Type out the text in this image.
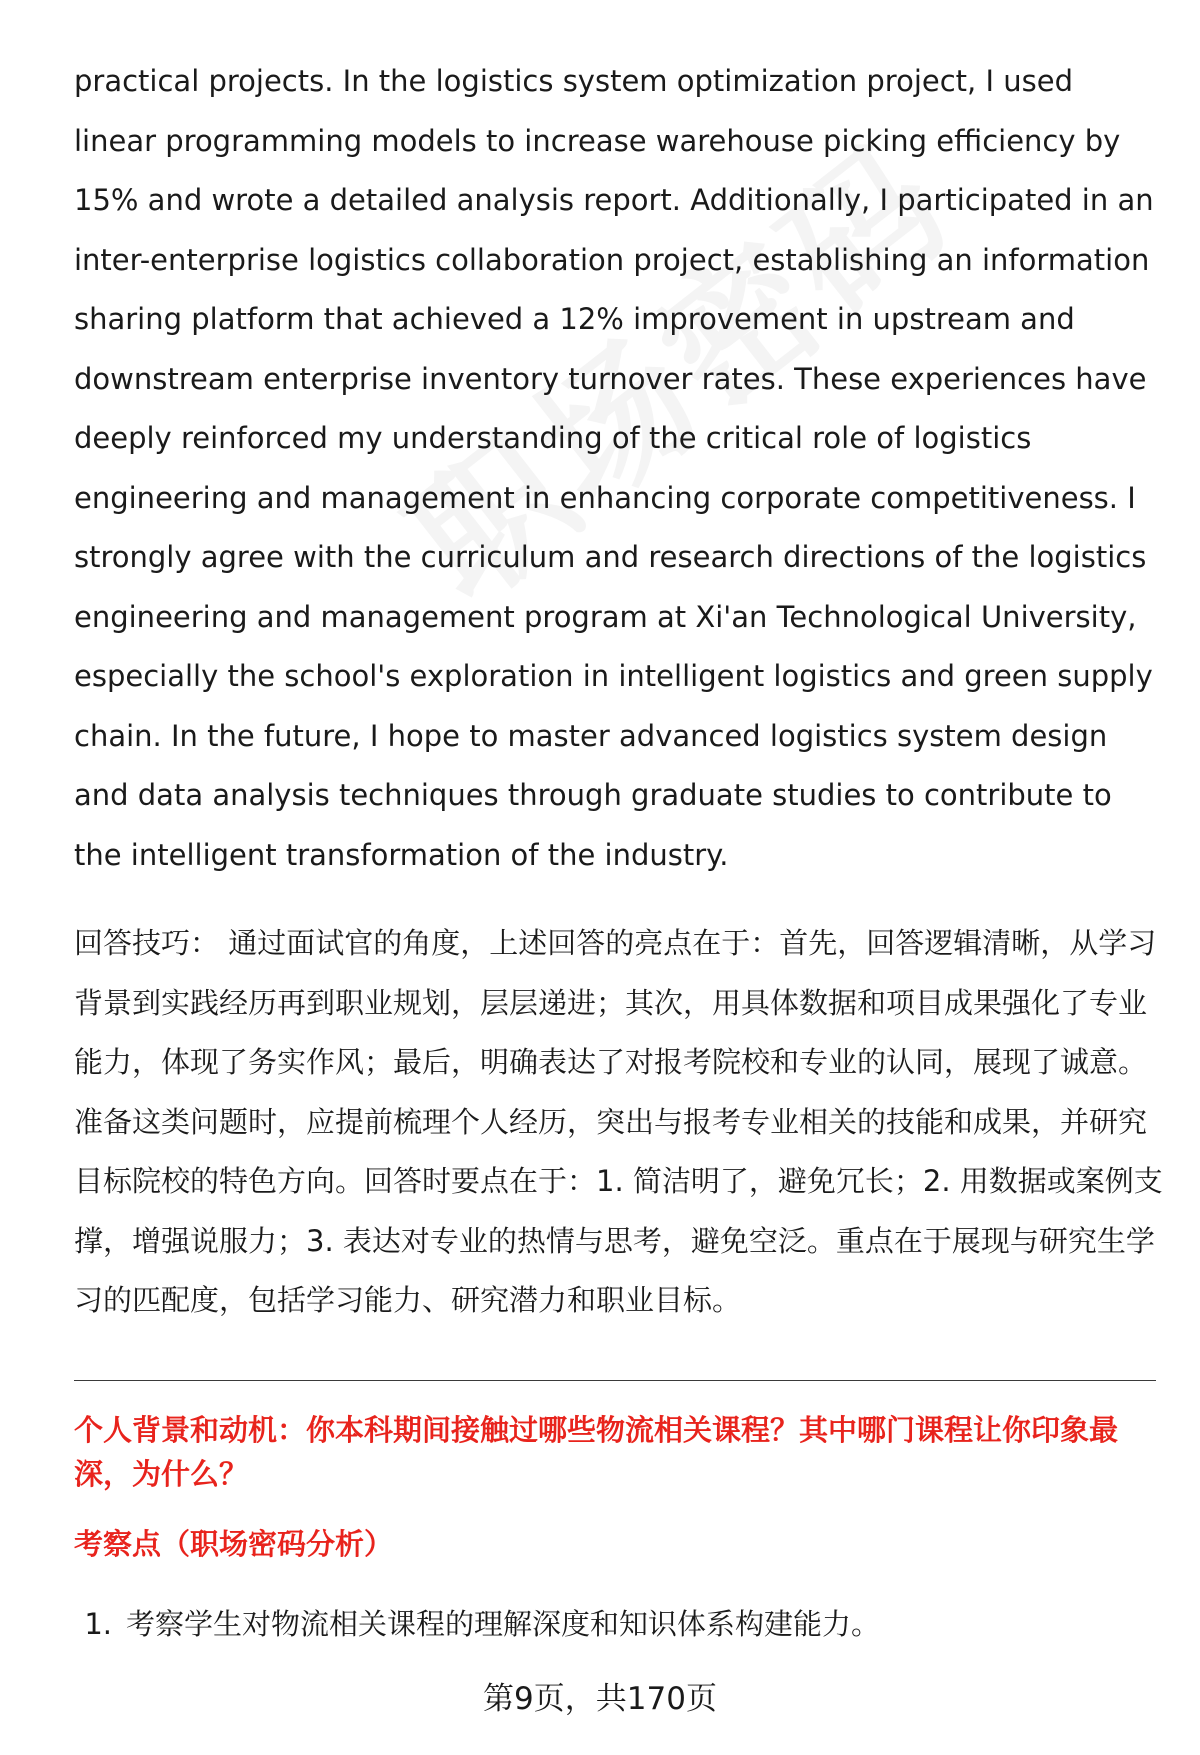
practical projects. In the logistics system optimization project, I used linear programming models to increase warehouse picking efficiency by 15% and wrote a detailed analysis report. Additionally, I participated in an inter-enterprise logistics collaboration project, establishing an information sharing platform that achieved a 12% improvement in upstream and downstream enterprise inventory turnover rates. These experiences have deeply reinforced my understanding of the critical role of logistics engineering and management in enhancing corporate competitiveness. I strongly agree with the curriculum and research directions of the logistics engineering and management program at Xi'an Technological University, especially the school's exploration in intelligent logistics and green supply chain. In the future, I hope to master advanced logistics system design and data analysis techniques through graduate studies to contribute to the intelligent transformation of the industry.

回答技巧： 通过面试官的角度，上述回答的亮点在于：首先，回答逻辑清晰，从学习背景到实践经历再到职业规划，层层递进；其次，用具体数据和项目成果强化了专业能力，体现了务实作风；最后，明确表达了对报考院校和专业的认同，展现了诚意。准备这类问题时，应提前梳理个人经历，突出与报考专业相关的技能和成果，并研究目标院校的特色方向。回答时要点在于：1. 简洁明了，避免冗长；2. 用数据或案例支撑，增强说服力；3. 表达对专业的热情与思考，避免空泛。重点在于展现与研究生学习的匹配度，包括学习能力、研究潜力和职业目标。

个人背景和动机：你本科期间接触过哪些物流相关课程？其中哪门课程让你印象最深，为什么？

考察点（职场密码分析）

1. 考察学生对物流相关课程的理解深度和知识体系构建能力。
第9页，共170页
